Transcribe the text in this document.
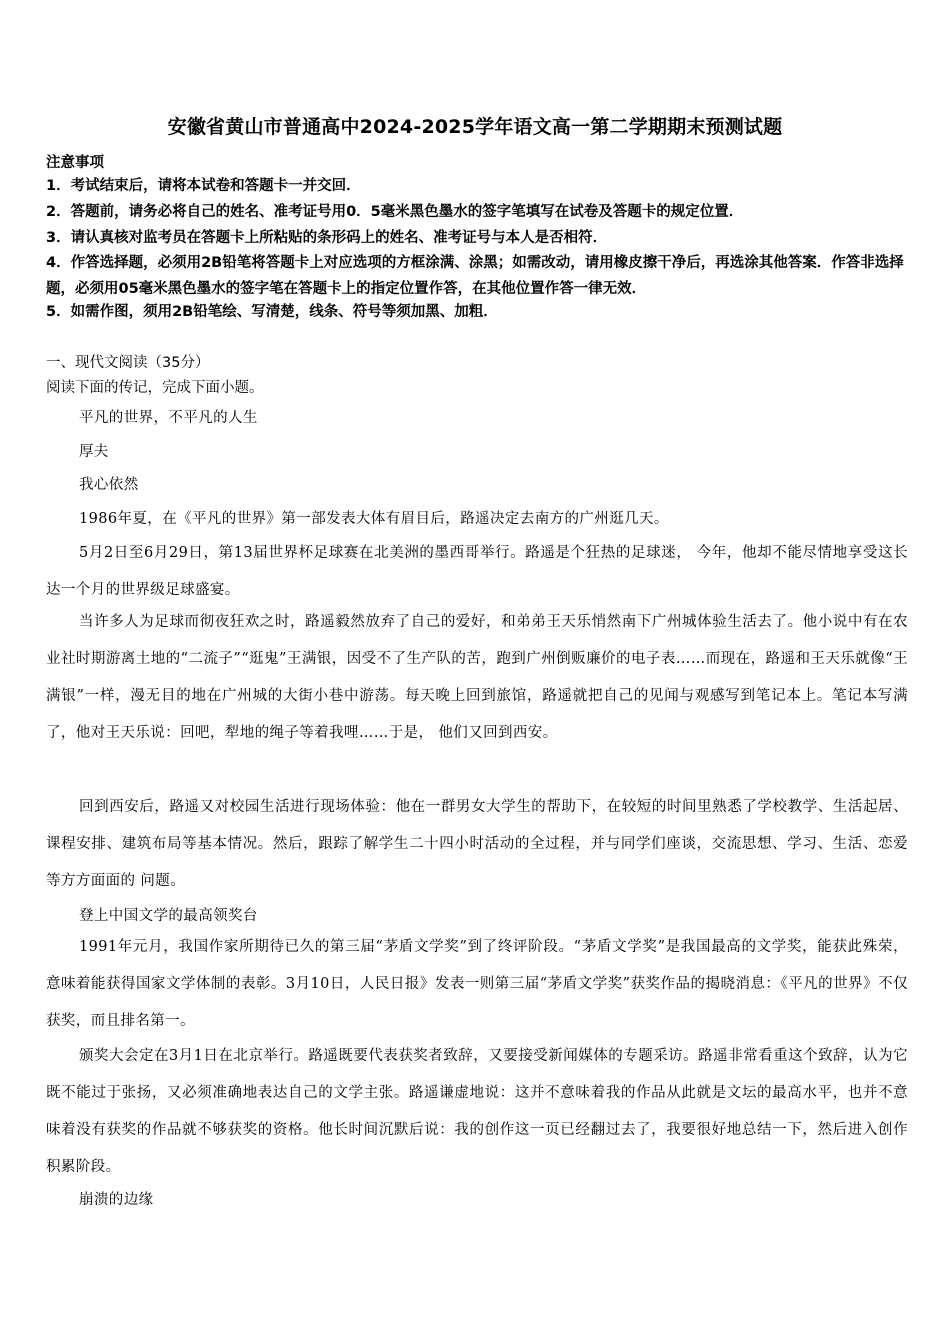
安徽省黄山市普通高中2024-2025学年语文高一第二学期期末预测试题
注意事项
1．考试结束后，请将本试卷和答题卡一并交回．
2．答题前，请务必将自己的姓名、准考证号用0．5毫米黑色墨水的签字笔填写在试卷及答题卡的规定位置．
3．请认真核对监考员在答题卡上所粘贴的条形码上的姓名、准考证号与本人是否相符．
4．作答选择题，必须用2B铅笔将答题卡上对应选项的方框涂满、涂黑；如需改动，请用橡皮擦干净后，再选涂其他答案．作答非选择题，必须用05毫米黑色墨水的签字笔在答题卡上的指定位置作答，在其他位置作答一律无效．
5．如需作图，须用2B铅笔绘、写清楚，线条、符号等须加黑、加粗．
一、现代文阅读（35分）
阅读下面的传记，完成下面小题。
平凡的世界，不平凡的人生
厚夫
我心依然
1986年夏，在《平凡的世界》第一部发表大体有眉目后，路遥决定去南方的广州逛几天。
5月2日至6月29日，第13届世界杯足球赛在北美洲的墨西哥举行。路遥是个狂热的足球迷， 今年，他却不能尽情地享受这长达一个月的世界级足球盛宴。
当许多人为足球而彻夜狂欢之时，路遥毅然放弃了自己的爱好，和弟弟王天乐悄然南下广州城体验生活去了。他小说中有在农业社时期游离土地的“二流子”“逛鬼”王满银，因受不了生产队的苦，跑到广州倒贩廉价的电子表……而现在，路遥和王天乐就像“王满银”一样，漫无目的地在广州城的大街小巷中游荡。每天晚上回到旅馆，路遥就把自己的见闻与观感写到笔记本上。笔记本写满了，他对王天乐说：回吧，犁地的绳子等着我哩……于是， 他们又回到西安。
回到西安后，路遥又对校园生活进行现场体验：他在一群男女大学生的帮助下，在较短的时间里熟悉了学校教学、生活起居、课程安排、建筑布局等基本情况。然后，跟踪了解学生二十四小时活动的全过程，并与同学们座谈，交流思想、学习、生活、恋爱等方方面面的 问题。
登上中国文学的最高领奖台
1991年元月，我国作家所期待已久的第三届“茅盾文学奖”到了终评阶段。“茅盾文学奖”是我国最高的文学奖，能获此殊荣，意味着能获得国家文学体制的表彰。3月10日，人民日报》发表一则第三届“茅盾文学奖”获奖作品的揭晓消息：《平凡的世界》不仅获奖，而且排名第一。
颁奖大会定在3月1日在北京举行。路遥既要代表获奖者致辞，又要接受新闻媒体的专题采访。路遥非常看重这个致辞，认为它既不能过于张扬，又必须准确地表达自己的文学主张。路遥谦虚地说：这并不意味着我的作品从此就是文坛的最高水平，也并不意味着没有获奖的作品就不够获奖的资格。他长时间沉默后说：我的创作这一页已经翻过去了，我要很好地总结一下，然后进入创作积累阶段。
崩溃的边缘
